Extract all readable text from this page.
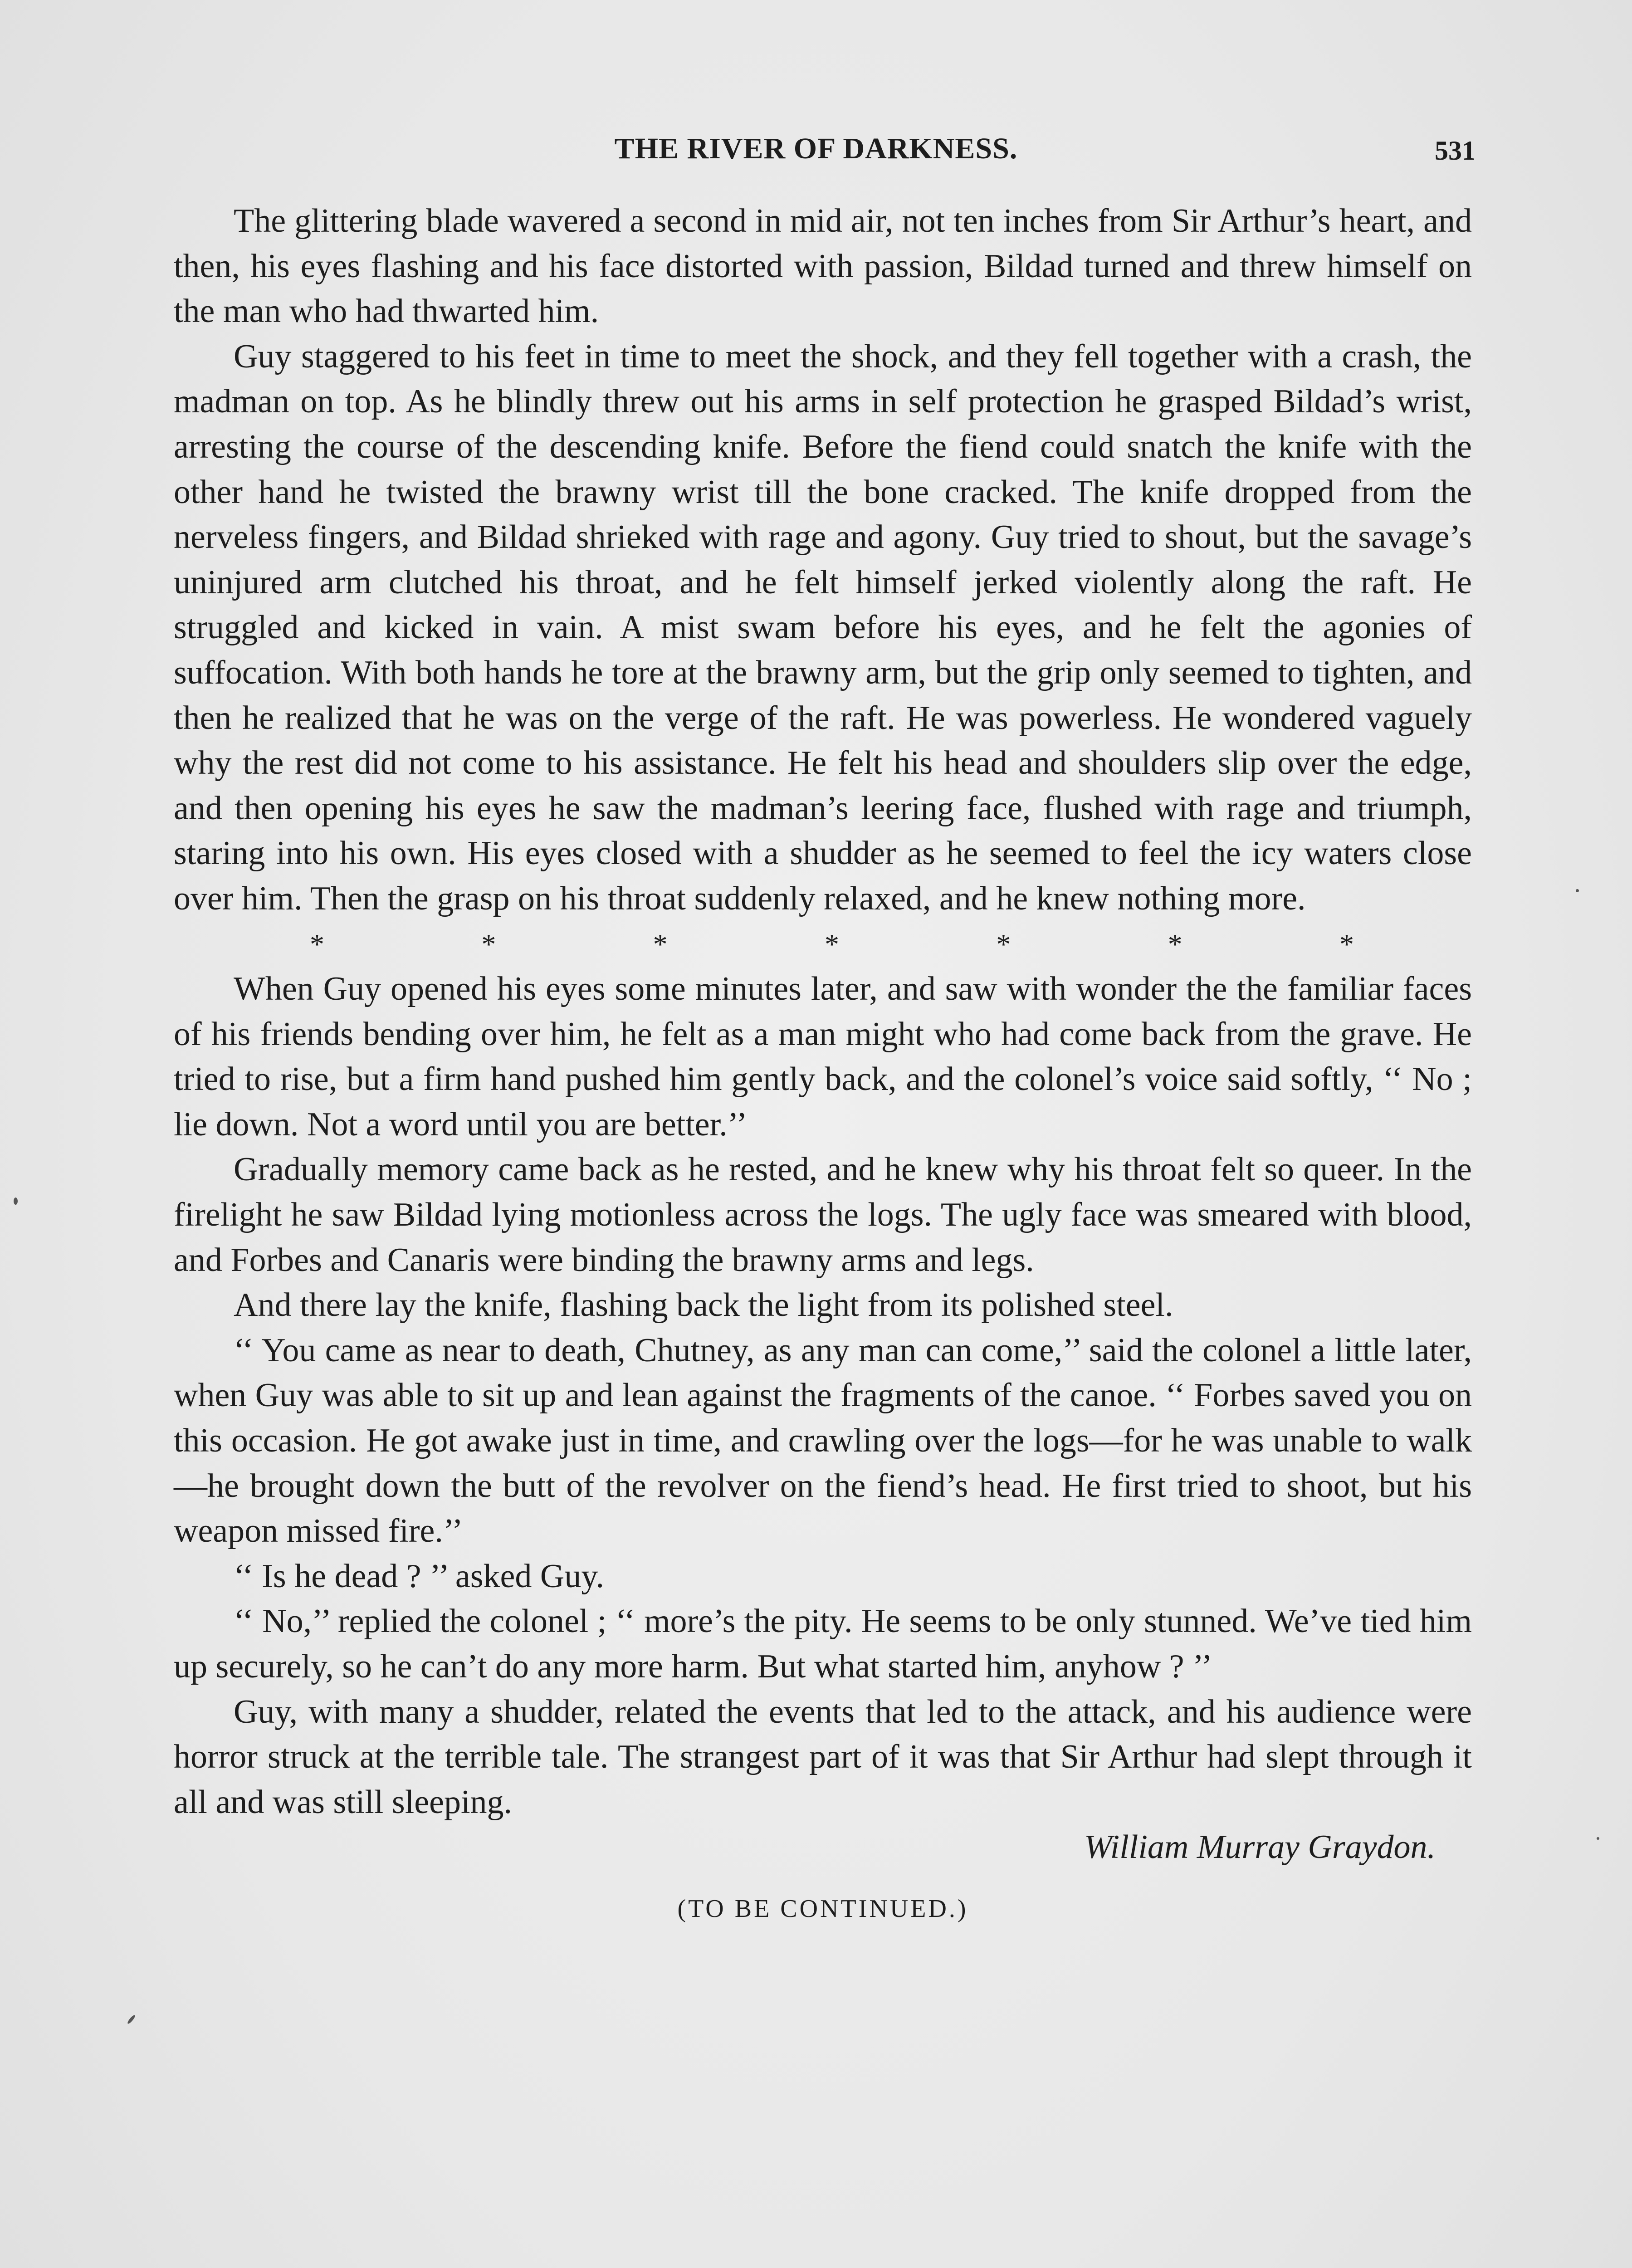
THE RIVER OF DARKNESS.	531

The glittering blade wavered a second in mid air, not ten inches from Sir Arthur’s heart, and then, his eyes flashing and his face distorted with passion, Bildad turned and threw himself on the man who had thwarted him.

Guy staggered to his feet in time to meet the shock, and they fell together with a crash, the madman on top. As he blindly threw out his arms in self protection he grasped Bildad’s wrist, arresting the course of the descending knife. Before the fiend could snatch the knife with the other hand he twisted the brawny wrist till the bone cracked. The knife dropped from the nerveless fingers, and Bildad shrieked with rage and agony. Guy tried to shout, but the savage’s uninjured arm clutched his throat, and he felt himself jerked violently along the raft. He struggled and kicked in vain. A mist swam before his eyes, and he felt the agonies of suffocation. With both hands he tore at the brawny arm, but the grip only seemed to tighten, and then he realized that he was on the verge of the raft. He was powerless. He wondered vaguely why the rest did not come to his assistance. He felt his head and shoulders slip over the edge, and then opening his eyes he saw the madman’s leering face, flushed with rage and triumph, staring into his own. His eyes closed with a shudder as he seemed to feel the icy waters close over him. Then the grasp on his throat suddenly relaxed, and he knew nothing more.

*	*	*	*	*	*	*

When Guy opened his eyes some minutes later, and saw with wonder the the familiar faces of his friends bending over him, he felt as a man might who had come back from the grave. He tried to rise, but a firm hand pushed him gently back, and the colonel’s voice said softly, ‘‘ No ; lie down. Not a word until you are better.’’

Gradually memory came back as he rested, and he knew why his throat felt so queer. In the firelight he saw Bildad lying motionless across the logs. The ugly face was smeared with blood, and Forbes and Canaris were binding the brawny arms and legs.

And there lay the knife, flashing back the light from its polished steel.

‘‘ You came as near to death, Chutney, as any man can come,’’ said the colonel a little later, when Guy was able to sit up and lean against the fragments of the canoe. ‘‘ Forbes saved you on this occasion. He got awake just in time, and crawling over the logs—for he was unable to walk—he brought down the butt of the revolver on the fiend’s head. He first tried to shoot, but his weapon missed fire.’’

‘‘ Is he dead ? ’’ asked Guy.

‘‘ No,’’ replied the colonel ; ‘‘ more’s the pity. He seems to be only stunned. We’ve tied him up securely, so he can’t do any more harm. But what started him, anyhow ? ’’

Guy, with many a shudder, related the events that led to the attack, and his audience were horror struck at the terrible tale. The strangest part of it was that Sir Arthur had slept through it all and was still sleeping.

William Murray Graydon.
(TO BE CONTINUED.)
